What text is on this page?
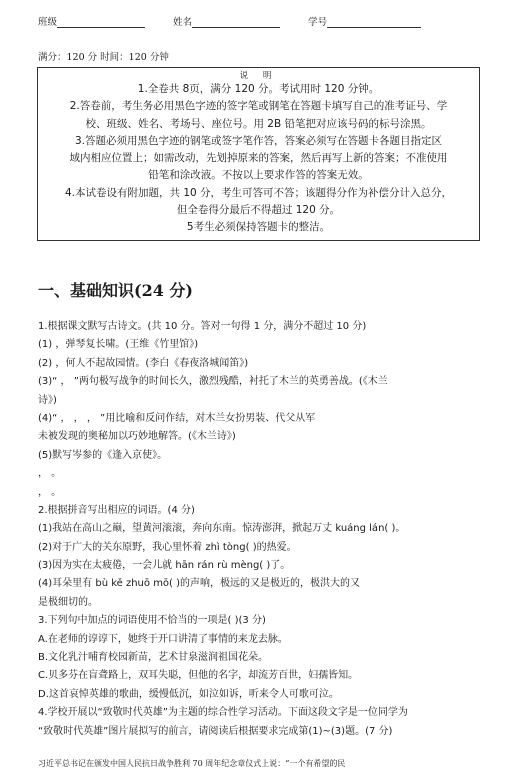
班级	姓名	学号
满分：120 分 时间：120 分钟
说 明

1.全卷共 8页，满分 120 分。考试用时 120 分钟。

2.答卷前，考生务必用黑色字迹的签字笔或钢笔在答题卡填写自己的准考证号、学

校、班级、姓名、考场号、座位号。用 2B 铅笔把对应该号码的标号涂黑。

3.答题必须用黑色字迹的钢笔或签字笔作答，答案必须写在答题卡各题目指定区

域内相应位置上；如需改动，先划掉原来的答案，然后再写上新的答案；不准使用

铅笔和涂改液。不按以上要求作答的答案无效。

4.本试卷设有附加题，共 10 分，考生可答可不答；该题得分作为补偿分计入总分，

但全卷得分最后不得超过 120 分。

5考生必须保持答题卡的整洁。

一、基础知识(24 分)
1.根据课文默写古诗文。(共 10 分。答对一句得 1 分，满分不超过 10 分)
(1) ，弹琴复长啸。(王维《竹里馆》)
(2) ，何人不起故园情。(李白《春夜洛城闻笛》)
(3)“ ， ”两句极写战争的时间长久，激烈残酷，衬托了木兰的英勇善战。(《木兰
诗》)
(4)“ ， ， ， ”用比喻和反问作结，对木兰女扮男装、代父从军
未被发现的奥秘加以巧妙地解答。(《木兰诗》)
(5)默写岑参的《逢入京使》。
， 。
， 。
2.根据拼音写出相应的词语。(4 分)
(1)我站在高山之巅，望黄河滚滚，奔向东南。惊涛澎湃，掀起万丈 kuáng lán( )。
(2)对于广大的关东原野，我心里怀着 zhì tòng( )的热爱。
(3)因为实在太疲倦，一会儿就 hān rán rù mèng( )了。
(4)耳朵里有 bù kě zhuō mō( )的声响，极远的又是极近的，极洪大的又
是极细切的。
3.下列句中加点的词语使用不恰当的一项是( )(3 分)
A.在老师的谆谆下，她终于开口讲清了事情的来龙去脉。
B.文化乳汁哺育校园新苗，艺术甘泉滋润祖国花朵。
C.贝多芬在盲聋路上，双耳失聪，但他的名字，却流芳百世，妇孺皆知。
D.这首哀悼英雄的歌曲，缓慢低沉，如泣如诉，听来令人可歌可泣。
4.学校开展以“致敬时代英雄”为主题的综合性学习活动。下面这段文字是一位同学为
“致敬时代英雄”图片展拟写的前言，请阅读后根据要求完成第(1)~(3)题。(7 分)
习近平总书记在颁发中国人民抗日战争胜利 70 周年纪念章仪式上说：“一个有希望的民
